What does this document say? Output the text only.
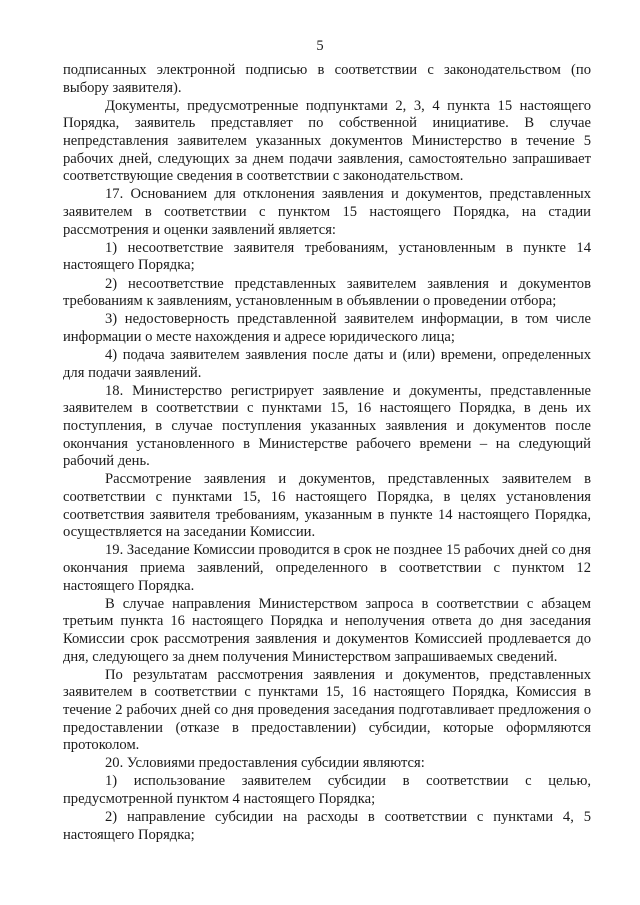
5

подписанных электронной подписью в соответствии с законодательством (по выбору заявителя).

Документы, предусмотренные подпунктами 2, 3, 4 пункта 15 настоящего Порядка, заявитель представляет по собственной инициативе. В случае непредставления заявителем указанных документов Министерство в течение 5 рабочих дней, следующих за днем подачи заявления, самостоятельно запрашивает соответствующие сведения в соответствии с законодательством.

17. Основанием для отклонения заявления и документов, представленных заявителем в соответствии с пунктом 15 настоящего Порядка, на стадии рассмотрения и оценки заявлений является:

1) несоответствие заявителя требованиям, установленным в пункте 14 настоящего Порядка;

2) несоответствие представленных заявителем заявления и документов требованиям к заявлениям, установленным в объявлении о проведении отбора;

3) недостоверность представленной заявителем информации, в том числе информации о месте нахождения и адресе юридического лица;

4) подача заявителем заявления после даты и (или) времени, определенных для подачи заявлений.

18. Министерство регистрирует заявление и документы, представленные заявителем в соответствии с пунктами 15, 16 настоящего Порядка, в день их поступления, в случае поступления указанных заявления и документов после окончания установленного в Министерстве рабочего времени – на следующий рабочий день.

Рассмотрение заявления и документов, представленных заявителем в соответствии с пунктами 15, 16 настоящего Порядка, в целях установления соответствия заявителя требованиям, указанным в пункте 14 настоящего Порядка, осуществляется на заседании Комиссии.

19. Заседание Комиссии проводится в срок не позднее 15 рабочих дней со дня окончания приема заявлений, определенного в соответствии с пунктом 12 настоящего Порядка.

В случае направления Министерством запроса в соответствии с абзацем третьим пункта 16 настоящего Порядка и неполучения ответа до дня заседания Комиссии срок рассмотрения заявления и документов Комиссией продлевается до дня, следующего за днем получения Министерством запрашиваемых сведений.

По результатам рассмотрения заявления и документов, представленных заявителем в соответствии с пунктами 15, 16 настоящего Порядка, Комиссия в течение 2 рабочих дней со дня проведения заседания подготавливает предложения о предоставлении (отказе в предоставлении) субсидии, которые оформляются протоколом.

20. Условиями предоставления субсидии являются:

1) использование заявителем субсидии в соответствии с целью, предусмотренной пунктом 4 настоящего Порядка;

2) направление субсидии на расходы в соответствии с пунктами 4, 5 настоящего Порядка;
